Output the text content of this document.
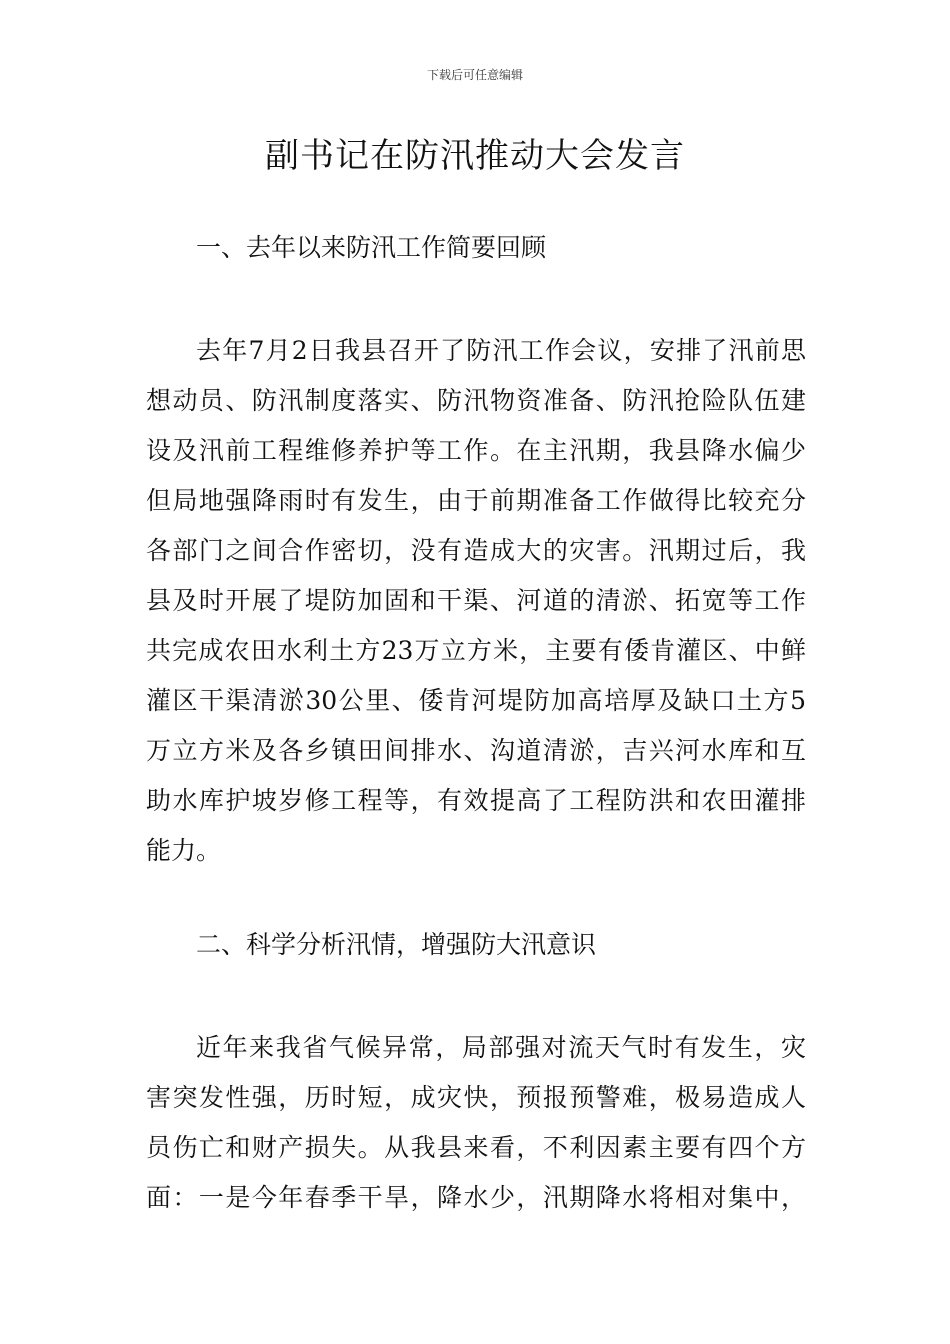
下载后可任意编辑
副书记在防汛推动大会发言
一、去年以来防汛工作简要回顾
去年7月2日我县召开了防汛工作会议，安排了汛前思
想动员、防汛制度落实、防汛物资准备、防汛抢险队伍建
设及汛前工程维修养护等工作。在主汛期，我县降水偏少
但局地强降雨时有发生，由于前期准备工作做得比较充分
各部门之间合作密切，没有造成大的灾害。汛期过后，我
县及时开展了堤防加固和干渠、河道的清淤、拓宽等工作
共完成农田水利土方23万立方米，主要有倭肯灌区、中鲜
灌区干渠清淤30公里、倭肯河堤防加高培厚及缺口土方5
万立方米及各乡镇田间排水、沟道清淤，吉兴河水库和互
助水库护坡岁修工程等，有效提高了工程防洪和农田灌排
能力。
二、科学分析汛情，增强防大汛意识
近年来我省气候异常，局部强对流天气时有发生，灾
害突发性强，历时短，成灾快，预报预警难，极易造成人
员伤亡和财产损失。从我县来看，不利因素主要有四个方
面：一是今年春季干旱，降水少，汛期降水将相对集中，
